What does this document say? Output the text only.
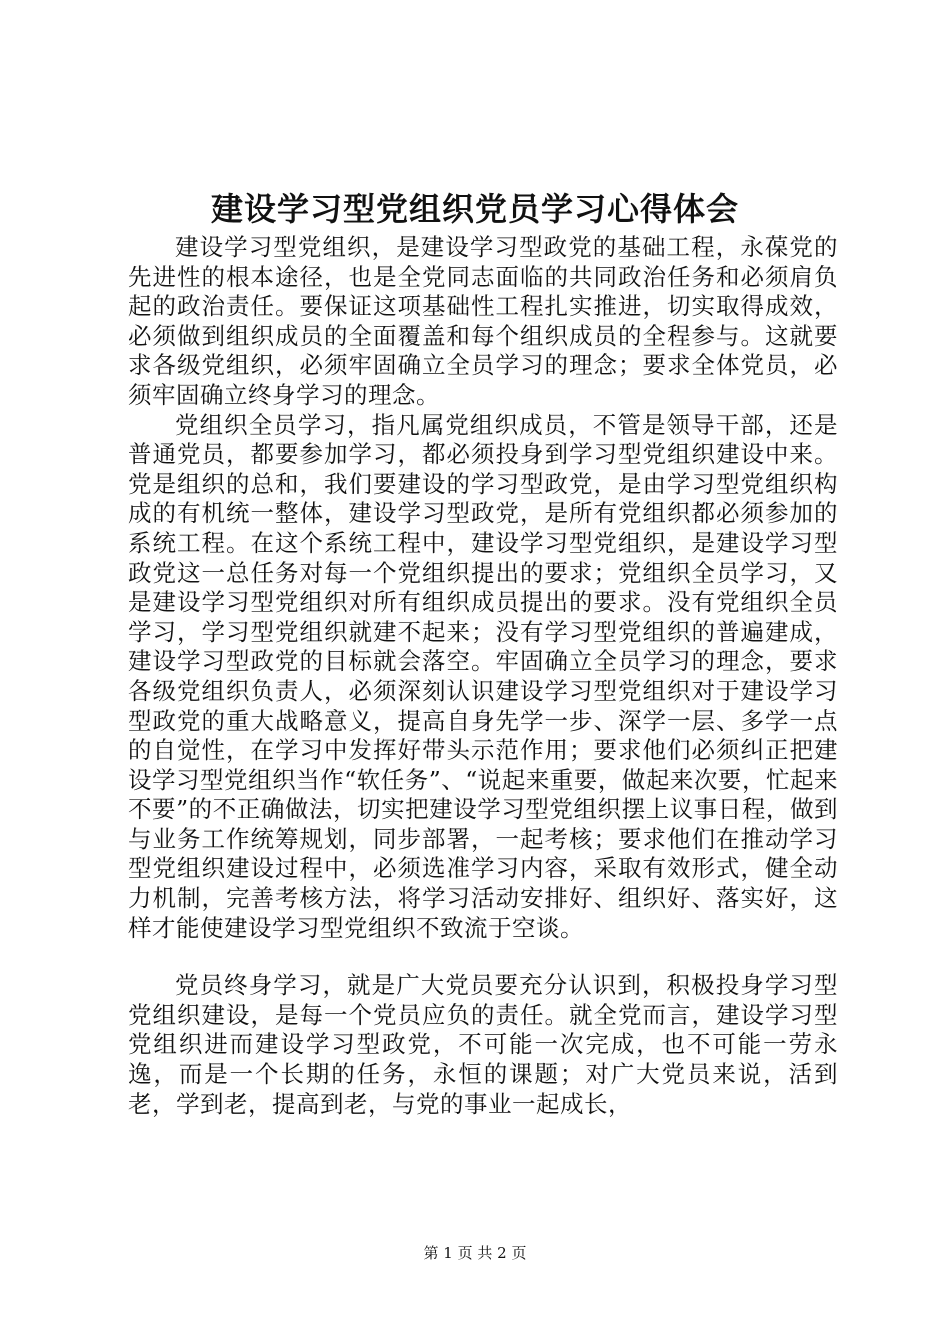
建设学习型党组织党员学习心得体会

建设学习型党组织，是建设学习型政党的基础工程，永葆党的先进性的根本途径，也是全党同志面临的共同政治任务和必须肩负起的政治责任。要保证这项基础性工程扎实推进，切实取得成效，必须做到组织成员的全面覆盖和每个组织成员的全程参与。这就要求各级党组织，必须牢固确立全员学习的理念；要求全体党员，必须牢固确立终身学习的理念。

党组织全员学习，指凡属党组织成员，不管是领导干部，还是普通党员，都要参加学习，都必须投身到学习型党组织建设中来。党是组织的总和，我们要建设的学习型政党，是由学习型党组织构成的有机统一整体，建设学习型政党，是所有党组织都必须参加的系统工程。在这个系统工程中，建设学习型党组织，是建设学习型政党这一总任务对每一个党组织提出的要求；党组织全员学习，又是建设学习型党组织对所有组织成员提出的要求。没有党组织全员学习，学习型党组织就建不起来；没有学习型党组织的普遍建成，建设学习型政党的目标就会落空。牢固确立全员学习的理念，要求各级党组织负责人，必须深刻认识建设学习型党组织对于建设学习型政党的重大战略意义，提高自身先学一步、深学一层、多学一点的自觉性，在学习中发挥好带头示范作用；要求他们必须纠正把建设学习型党组织当作“软任务”、“说起来重要，做起来次要，忙起来不要”的不正确做法，切实把建设学习型党组织摆上议事日程，做到与业务工作统筹规划，同步部署，一起考核；要求他们在推动学习型党组织建设过程中，必须选准学习内容，采取有效形式，健全动力机制，完善考核方法，将学习活动安排好、组织好、落实好，这样才能使建设学习型党组织不致流于空谈。

党员终身学习，就是广大党员要充分认识到，积极投身学习型党组织建设，是每一个党员应负的责任。就全党而言，建设学习型党组织进而建设学习型政党，不可能一次完成，也不可能一劳永逸，而是一个长期的任务，永恒的课题；对广大党员来说，活到老，学到老，提高到老，与党的事业一起成长，

第 1 页 共 2 页
